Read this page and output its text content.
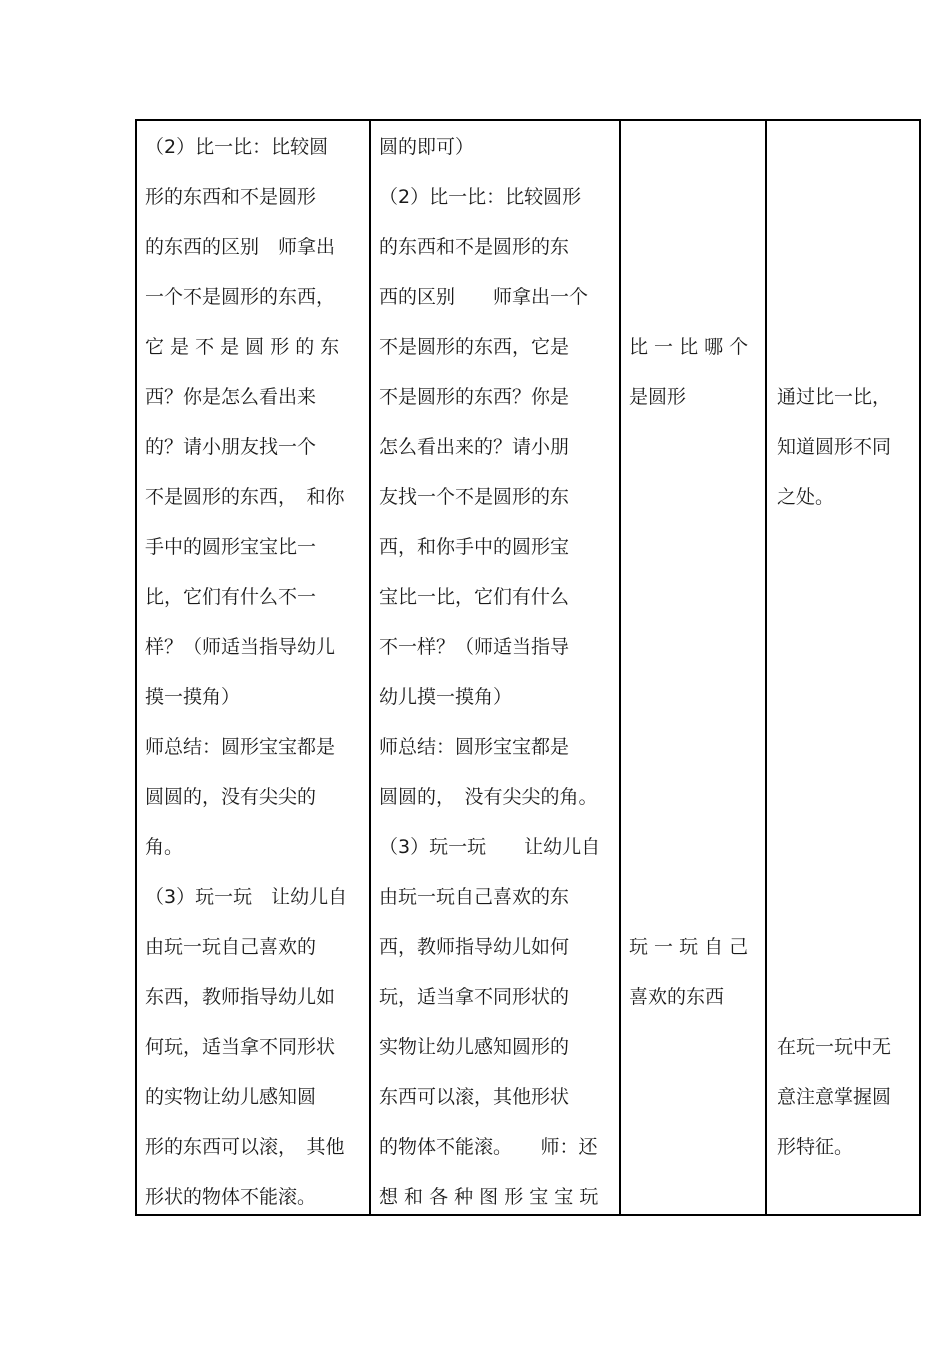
（2）比一比：比较圆
形的东西和不是圆形
的东西的区别　师拿出
一个不是圆形的东西，
它 是 不 是 圆 形 的 东
西？你是怎么看出来
的？请小朋友找一个
不是圆形的东西，　和你
手中的圆形宝宝比一
比，它们有什么不一
样？（师适当指导幼儿
摸一摸角）
师总结：圆形宝宝都是
圆圆的，没有尖尖的
角。
（3）玩一玩　让幼儿自
由玩一玩自己喜欢的
东西，教师指导幼儿如
何玩，适当拿不同形状
的实物让幼儿感知圆
形的东西可以滚，　其他
形状的物体不能滚。
圆的即可）
（2）比一比：比较圆形
的东西和不是圆形的东
西的区别　　师拿出一个
不是圆形的东西，它是
不是圆形的东西？你是
怎么看出来的？请小朋
友找一个不是圆形的东
西，和你手中的圆形宝
宝比一比，它们有什么
不一样？（师适当指导
幼儿摸一摸角）
师总结：圆形宝宝都是
圆圆的，　没有尖尖的角。
（3）玩一玩　　让幼儿自
由玩一玩自己喜欢的东
西，教师指导幼儿如何
玩，适当拿不同形状的
实物让幼儿感知圆形的
东西可以滚，其他形状
的物体不能滚。　　师：还
想 和 各 种 图 形 宝 宝 玩
比 一 比 哪 个
是圆形
玩 一 玩 自 己
喜欢的东西
通过比一比，
知道圆形不同
之处。
在玩一玩中无
意注意掌握圆
形特征。
